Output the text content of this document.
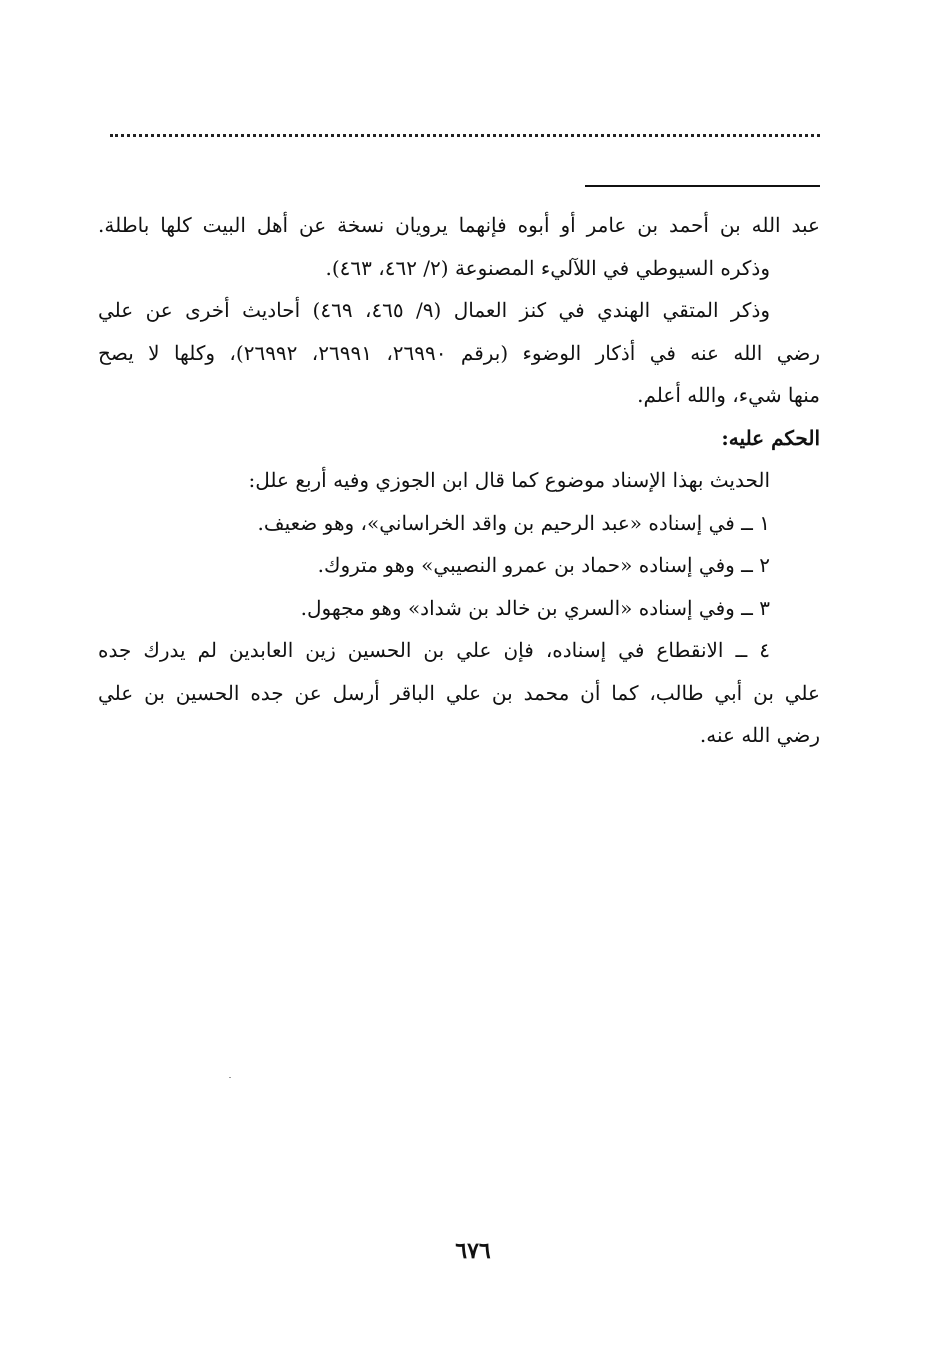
عبد الله بن أحمد بن عامر أو أبوه فإنهما يرويان نسخة عن أهل البيت كلها باطلة.
وذكره السيوطي في اللآليء المصنوعة (٢/ ٤٦٢، ٤٦٣).
وذكر المتقي الهندي في كنز العمال (٩/ ٤٦٥، ٤٦٩) أحاديث أخرى عن علي
رضي الله عنه في أذكار الوضوء (برقم ٢٦٩٩٠، ٢٦٩٩١، ٢٦٩٩٢)، وكلها لا يصح
منها شيء، والله أعلم.
الحكم عليه:
الحديث بهذا الإسناد موضوع كما قال ابن الجوزي وفيه أربع علل:
١ ــ في إسناده «عبد الرحيم بن واقد الخراساني»، وهو ضعيف.
٢ ــ وفي إسناده «حماد بن عمرو النصيبي» وهو متروك.
٣ ــ وفي إسناده «السري بن خالد بن شداد» وهو مجهول.
٤ ــ الانقطاع في إسناده، فإن علي بن الحسين زين العابدين لم يدرك جده
علي بن أبي طالب، كما أن محمد بن علي الباقر أرسل عن جده الحسين بن علي
رضي الله عنه.
٦٧٦
